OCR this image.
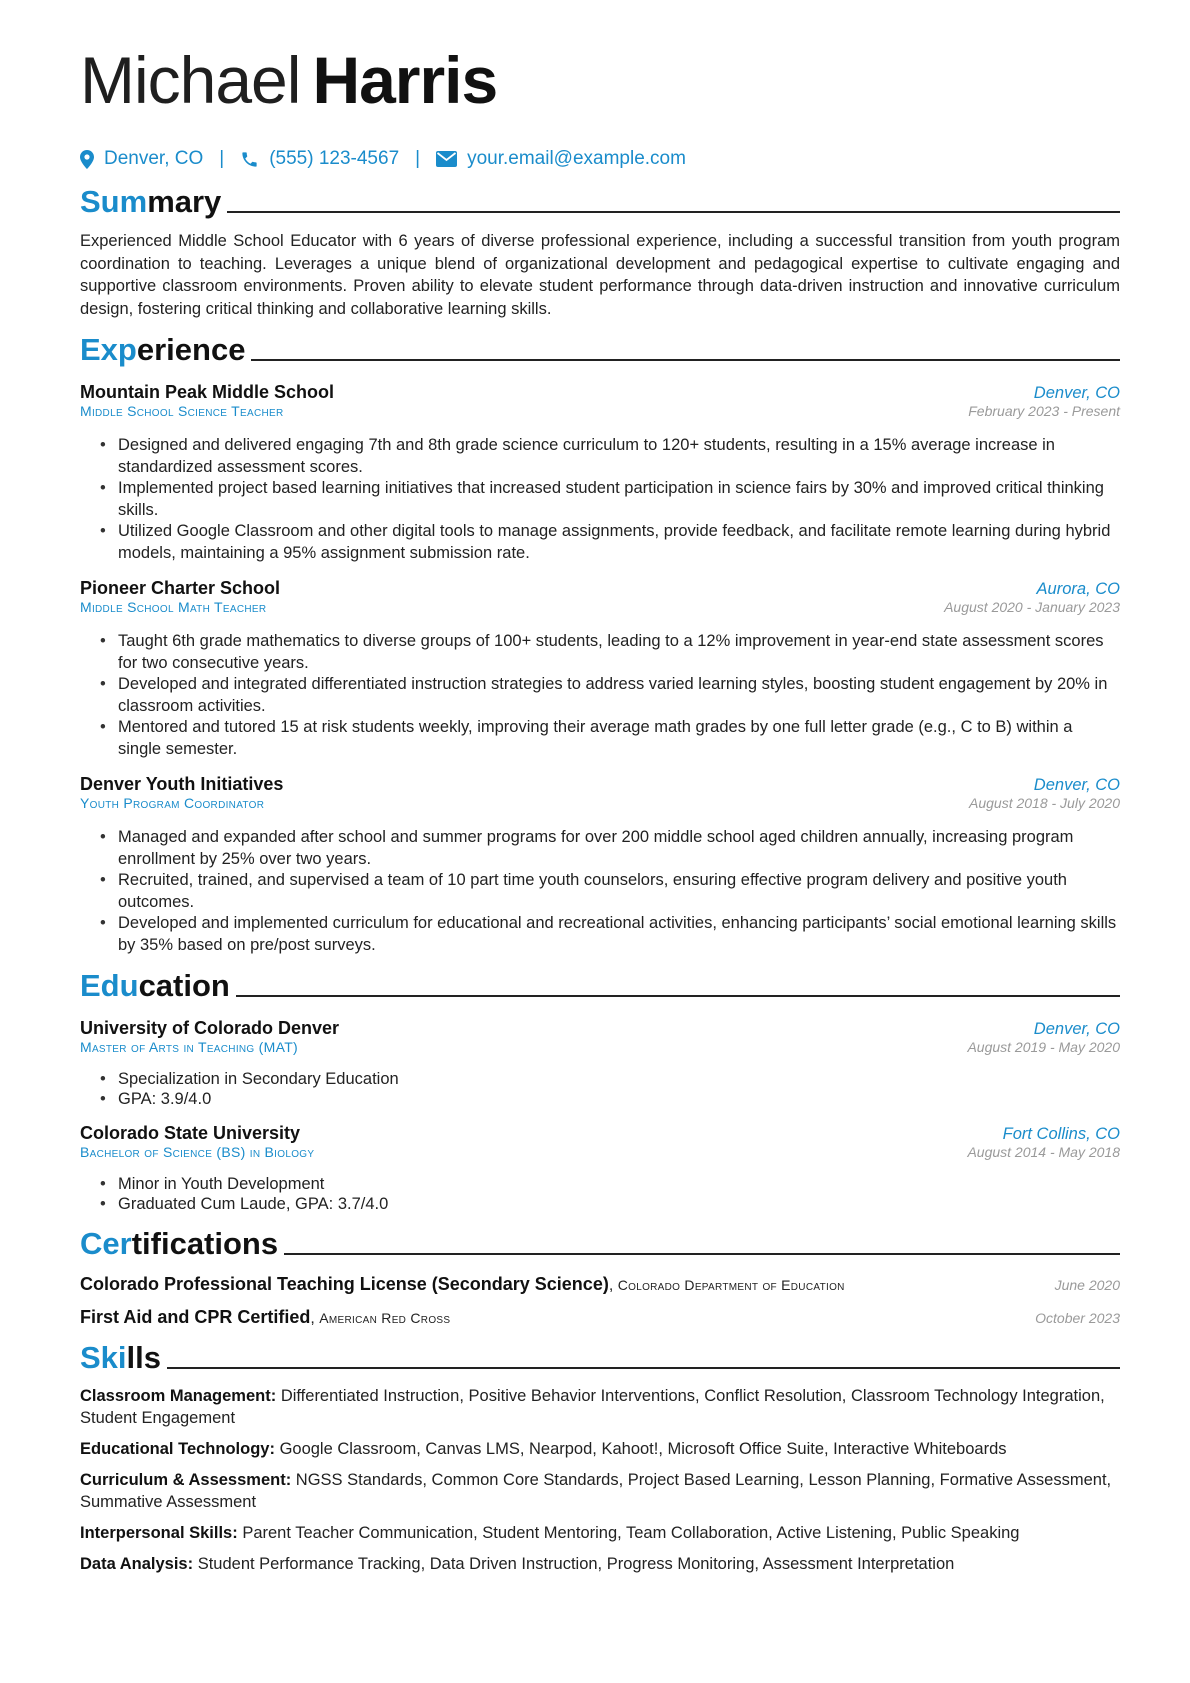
Michael Harris
Denver, CO | (555) 123-4567 | your.email@example.com
Summary
Experienced Middle School Educator with 6 years of diverse professional experience, including a successful transition from youth program coordination to teaching. Leverages a unique blend of organizational development and pedagogical expertise to cultivate engaging and supportive classroom environments. Proven ability to elevate student performance through data-driven instruction and innovative curriculum design, fostering critical thinking and collaborative learning skills.
Experience
Mountain Peak Middle School	Denver, CO
Middle School Science Teacher	February 2023 - Present
• Designed and delivered engaging 7th and 8th grade science curriculum to 120+ students, resulting in a 15% average increase in standardized assessment scores.
• Implemented project based learning initiatives that increased student participation in science fairs by 30% and improved critical thinking skills.
• Utilized Google Classroom and other digital tools to manage assignments, provide feedback, and facilitate remote learning during hybrid models, maintaining a 95% assignment submission rate.
Pioneer Charter School	Aurora, CO
Middle School Math Teacher	August 2020 - January 2023
• Taught 6th grade mathematics to diverse groups of 100+ students, leading to a 12% improvement in year-end state assessment scores for two consecutive years.
• Developed and integrated differentiated instruction strategies to address varied learning styles, boosting student engagement by 20% in classroom activities.
• Mentored and tutored 15 at risk students weekly, improving their average math grades by one full letter grade (e.g., C to B) within a single semester.
Denver Youth Initiatives	Denver, CO
Youth Program Coordinator	August 2018 - July 2020
• Managed and expanded after school and summer programs for over 200 middle school aged children annually, increasing program enrollment by 25% over two years.
• Recruited, trained, and supervised a team of 10 part time youth counselors, ensuring effective program delivery and positive youth outcomes.
• Developed and implemented curriculum for educational and recreational activities, enhancing participants’ social emotional learning skills by 35% based on pre/post surveys.
Education
University of Colorado Denver	Denver, CO
Master of Arts in Teaching (MAT)	August 2019 - May 2020
• Specialization in Secondary Education
• GPA: 3.9/4.0
Colorado State University	Fort Collins, CO
Bachelor of Science (BS) in Biology	August 2014 - May 2018
• Minor in Youth Development
• Graduated Cum Laude, GPA: 3.7/4.0
Certifications
Colorado Professional Teaching License (Secondary Science), Colorado Department of Education	June 2020
First Aid and CPR Certified, American Red Cross	October 2023
Skills
Classroom Management: Differentiated Instruction, Positive Behavior Interventions, Conflict Resolution, Classroom Technology Integration, Student Engagement
Educational Technology: Google Classroom, Canvas LMS, Nearpod, Kahoot!, Microsoft Office Suite, Interactive Whiteboards
Curriculum & Assessment: NGSS Standards, Common Core Standards, Project Based Learning, Lesson Planning, Formative Assessment, Summative Assessment
Interpersonal Skills: Parent Teacher Communication, Student Mentoring, Team Collaboration, Active Listening, Public Speaking
Data Analysis: Student Performance Tracking, Data Driven Instruction, Progress Monitoring, Assessment Interpretation
